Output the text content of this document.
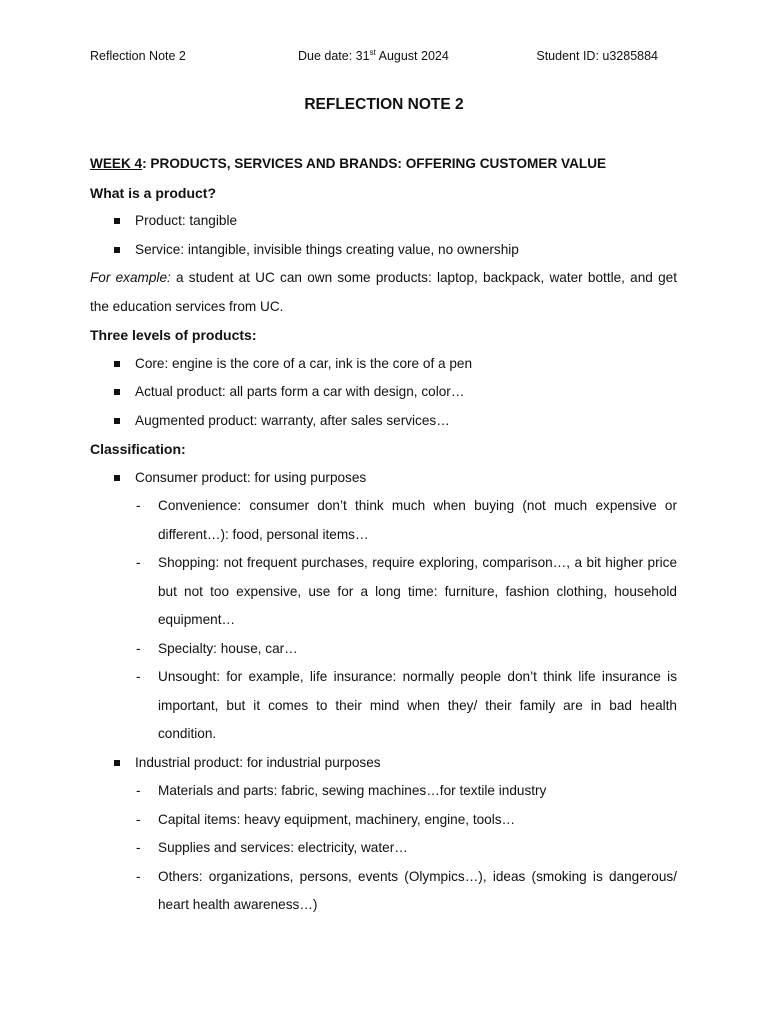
Reflection Note 2	Due date: 31st August 2024	Student ID: u3285884
REFLECTION NOTE 2

WEEK 4: PRODUCTS, SERVICES AND BRANDS: OFFERING CUSTOMER VALUE

What is a product?

Product: tangible

Service: intangible, invisible things creating value, no ownership

For example: a student at UC can own some products: laptop, backpack, water bottle, and get the education services from UC.

Three levels of products:

Core: engine is the core of a car, ink is the core of a pen

Actual product: all parts form a car with design, color…

Augmented product: warranty, after sales services…

Classification:

Consumer product: for using purposes

- Convenience: consumer don’t think much when buying (not much expensive or different…): food, personal items…

- Shopping: not frequent purchases, require exploring, comparison…, a bit higher price but not too expensive, use for a long time: furniture, fashion clothing, household equipment…

- Specialty: house, car…

- Unsought: for example, life insurance: normally people don’t think life insurance is important, but it comes to their mind when they/ their family are in bad health condition.

Industrial product: for industrial purposes

- Materials and parts: fabric, sewing machines…for textile industry

- Capital items: heavy equipment, machinery, engine, tools…

- Supplies and services: electricity, water…

- Others: organizations, persons, events (Olympics…), ideas (smoking is dangerous/ heart health awareness…)
